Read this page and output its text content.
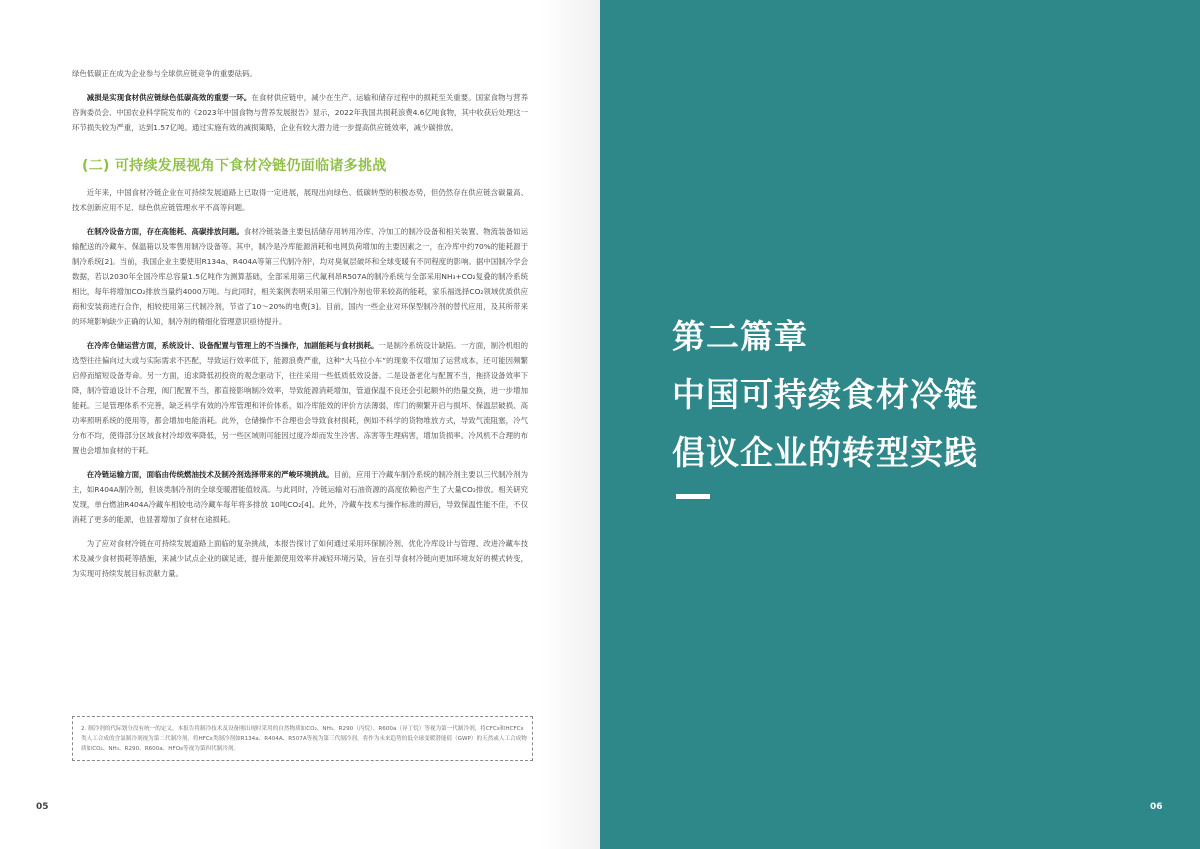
绿色低碳正在成为企业参与全球供应链竞争的重要砝码。

减损是实现食材供应链绿色低碳高效的重要一环。在食材供应链中，减少在生产、运输和储存过程中的损耗至关重要。国家食物与营养咨询委员会、中国农业科学院发布的《2023年中国食物与营养发展报告》显示，2022年我国共损耗浪费4.6亿吨食物，其中收获后处理这一环节损失较为严重，达到1.57亿吨。通过实施有效的减损策略，企业有较大潜力进一步提高供应链效率，减少碳排放。

(二) 可持续发展视角下食材冷链仍面临诸多挑战

近年来，中国食材冷链企业在可持续发展道路上已取得一定进展，展现出向绿色、低碳转型的积极态势，但仍然存在供应链含碳量高、技术创新应用不足、绿色供应链管理水平不高等问题。

在制冷设备方面，存在高能耗、高碳排放问题。食材冷链装备主要包括储存用转用冷库、冷加工的制冷设备和相关装置、物流装备如运输配送的冷藏车、保温箱以及零售用制冷设备等。其中，制冷是冷库能源消耗和电网负荷增加的主要因素之一，在冷库中约70%的能耗源于制冷系统[2]。当前，我国企业主要使用R134a、R404A等第三代制冷剂²，均对臭氧层破坏和全球变暖有不同程度的影响。据中国制冷学会数据，若以2030年全国冷库总容量1.5亿吨作为测算基础，全部采用第三代氟利昂R507A的制冷系统与全部采用NH₃+CO₂复叠的制冷系统相比，每年将增加CO₂排放当量约4000万吨。与此同时，相关案例表明采用第三代制冷剂也带来较高的能耗，家乐福选择CO₂领域优质供应商和安装商进行合作，相较使用第三代制冷剂，节省了10～20%的电费[3]。目前，国内一些企业对环保型制冷剂的替代应用，及其所带来的环境影响缺少正确的认知，制冷剂的精细化管理意识亟待提升。

在冷库仓储运营方面，系统设计、设备配置与管理上的不当操作，加剧能耗与食材损耗。一是制冷系统设计缺陷。一方面，制冷机组的选型往往偏向过大或与实际需求不匹配，导致运行效率低下，能源浪费严重，这种“大马拉小车”的现象不仅增加了运营成本，还可能因频繁启停而缩短设备寿命。另一方面，追求降低初投资的观念驱动下，往往采用一些低质低效设备。二是设备老化与配置不当，拖挤设备效率下降，制冷管道设计不合理，阀门配置不当，都直接影响制冷效率，导致能源消耗增加，管道保温不良还会引起额外的热量交换，进一步增加能耗。三是管理体系不完善，缺乏科学有效的冷库管理和评价体系，如冷库能效的评价方法薄弱，库门的频繁开启与损坏、保温层破损、高功率照明系统的使用等，都会增加电能消耗。此外，仓储操作不合理也会导致食材损耗，例如不科学的货物堆放方式，导致气流阻塞，冷气分布不均，使得部分区域食材冷却效率降低，另一些区域则可能因过度冷却而发生冷害、冻害等生理病害，增加货损率。冷风机不合理的布置也会增加食材的干耗。

在冷链运输方面，面临由传统燃油技术及制冷剂选择带来的严峻环境挑战。目前，应用于冷藏车制冷系统的制冷剂主要以三代制冷剂为主，如R404A制冷剂，但该类制冷剂的全球变暖潜能值较高。与此同时，冷链运输对石油资源的高度依赖也产生了大量CO₂排放。相关研究发现，单台燃油R404A冷藏车相较电动冷藏车每年将多排放 10吨CO₂[4]。此外，冷藏车技术与操作标准的滞后，导致保温性能不佳，不仅消耗了更多的能源，也显著增加了食材在途损耗。

为了应对食材冷链在可持续发展道路上面临的复杂挑战，本报告探讨了如何通过采用环保制冷剂、优化冷库设计与管理、改进冷藏车技术及减少食材损耗等措施，来减少试点企业的碳足迹，提升能源使用效率并减轻环境污染，旨在引导食材冷链向更加环境友好的模式转变，为实现可持续发展目标贡献力量。

2. 制冷剂的代际划分没有统一的定义，本报告将制冷技术及设备刚出现时采用的自然物质如CO₂、NH₃、R290（丙烷）、R600a（异丁烷）等视为第一代制冷剂，将CFCs和HCFCs类人工合成的含氯制冷剂视为第二代制冷剂，将HFCs类制冷剂如R134a、R404A、R507A等视为第三代制冷剂，将作为未来趋势的低全球变暖潜能值（GWP）的天然或人工合成物质如CO₂、NH₃、R290、R600a、HFOs等视为第四代制冷剂。
05
第二篇章
中国可持续食材冷链
倡议企业的转型实践
06
